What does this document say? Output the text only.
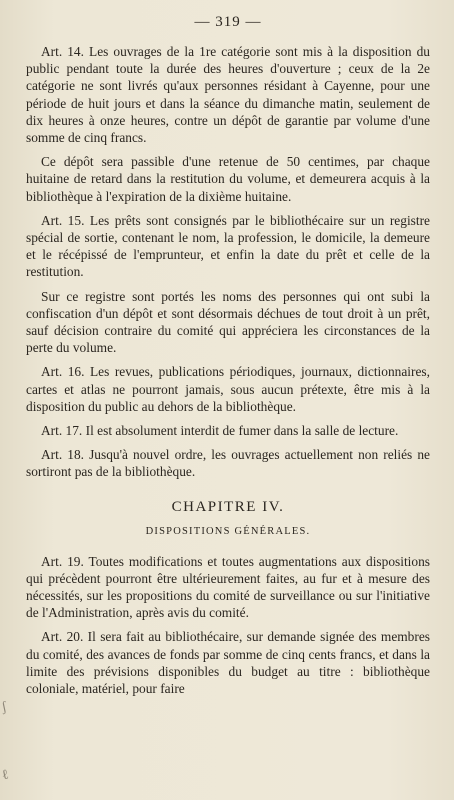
— 319 —

Art. 14. Les ouvrages de la 1re catégorie sont mis à la disposition du public pendant toute la durée des heures d'ouverture ; ceux de la 2e catégorie ne sont livrés qu'aux personnes résidant à Cayenne, pour une période de huit jours et dans la séance du dimanche matin, seulement de dix heures à onze heures, contre un dépôt de garantie par volume d'une somme de cinq francs.

Ce dépôt sera passible d'une retenue de 50 centimes, par chaque huitaine de retard dans la restitution du volume, et demeurera acquis à la bibliothèque à l'expiration de la dixième huitaine.

Art. 15. Les prêts sont consignés par le bibliothécaire sur un registre spécial de sortie, contenant le nom, la profession, le domicile, la demeure et le récépissé de l'emprunteur, et enfin la date du prêt et celle de la restitution.

Sur ce registre sont portés les noms des personnes qui ont subi la confiscation d'un dépôt et sont désormais déchues de tout droit à un prêt, sauf décision contraire du comité qui appréciera les circonstances de la perte du volume.

Art. 16. Les revues, publications périodiques, journaux, dictionnaires, cartes et atlas ne pourront jamais, sous aucun prétexte, être mis à la disposition du public au dehors de la bibliothèque.

Art. 17. Il est absolument interdit de fumer dans la salle de lecture.

Art. 18. Jusqu'à nouvel ordre, les ouvrages actuellement non reliés ne sortiront pas de la bibliothèque.

CHAPITRE IV.
DISPOSITIONS GÉNÉRALES.

Art. 19. Toutes modifications et toutes augmentations aux dispositions qui précèdent pourront être ultérieurement faites, au fur et à mesure des nécessités, sur les propositions du comité de surveillance ou sur l'initiative de l'Administration, après avis du comité.

Art. 20. Il sera fait au bibliothécaire, sur demande signée des membres du comité, des avances de fonds par somme de cinq cents francs, et dans la limite des prévisions disponibles du budget au titre : bibliothèque coloniale, matériel, pour faire

ʃ
ℓ
